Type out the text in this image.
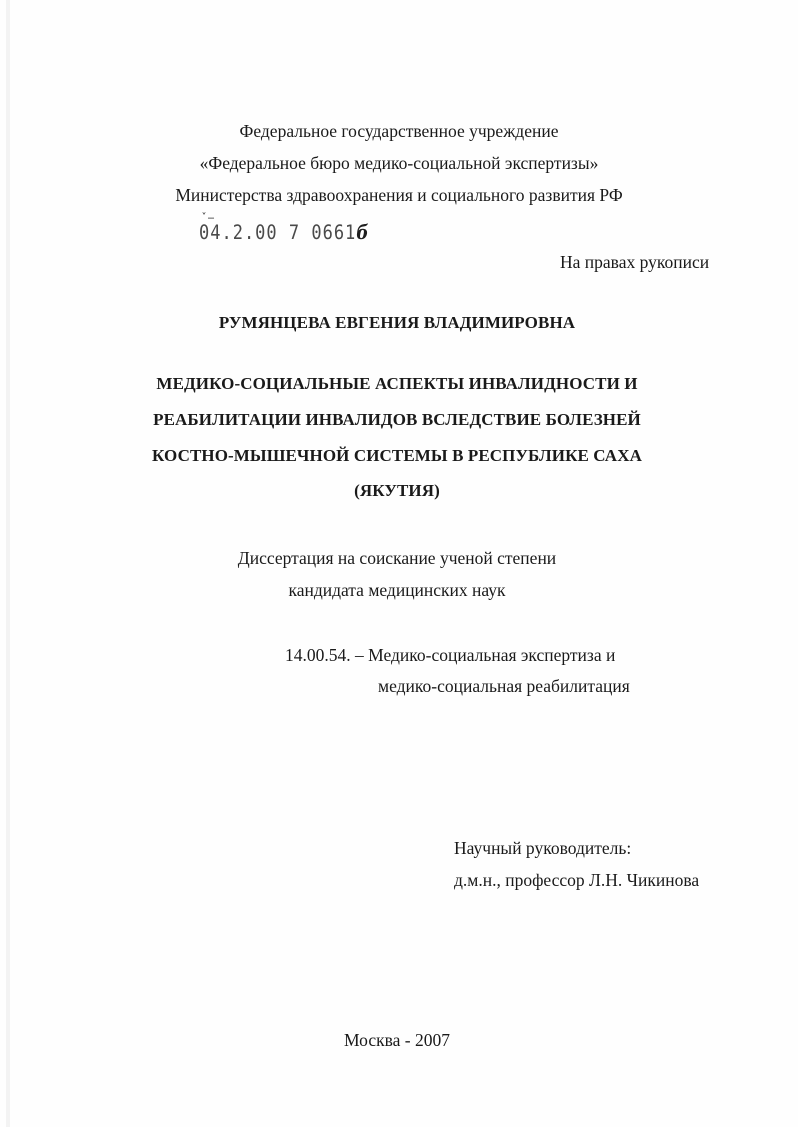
Федеральное государственное учреждение
«Федеральное бюро медико-социальной экспертизы»
Министерства здравоохранения и социального развития РФ
ˇ‒
04.2.00 7 0661б
На правах рукописи
РУМЯНЦЕВА ЕВГЕНИЯ ВЛАДИМИРОВНА
МЕДИКО-СОЦИАЛЬНЫЕ АСПЕКТЫ ИНВАЛИДНОСТИ И
РЕАБИЛИТАЦИИ ИНВАЛИДОВ ВСЛЕДСТВИЕ БОЛЕЗНЕЙ
КОСТНО-МЫШЕЧНОЙ СИСТЕМЫ В РЕСПУБЛИКЕ САХА
(ЯКУТИЯ)
Диссертация на соискание ученой степени
кандидата медицинских наук
14.00.54. – Медико-социальная экспертиза и
медико-социальная реабилитация
Научный руководитель:
д.м.н., профессор Л.Н. Чикинова
Москва - 2007
